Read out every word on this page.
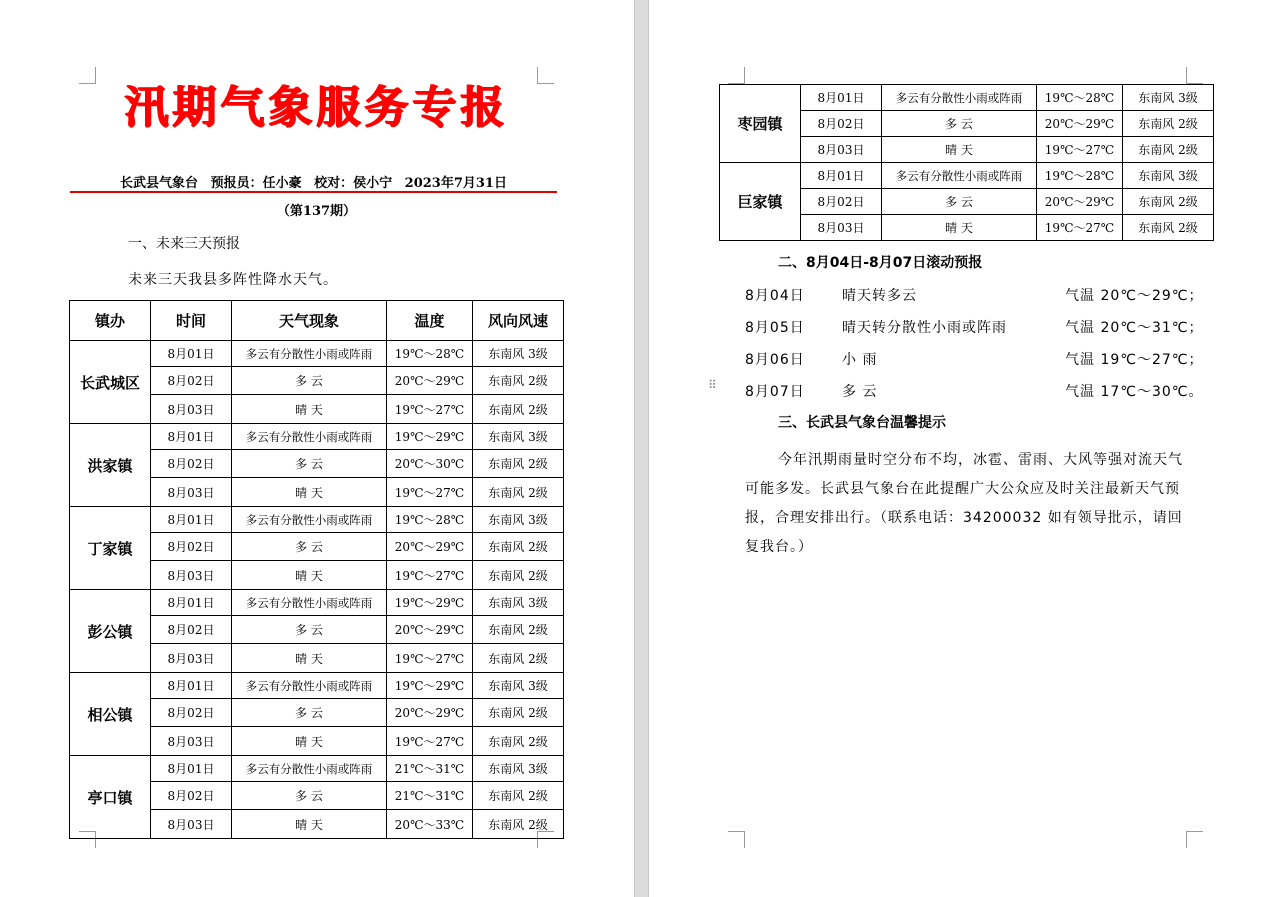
汛期气象服务专报
长武县气象台 预报员：任小豪 校对：侯小宁 2023年7月31日
（第137期）
一、未来三天预报
未来三天我县多阵性降水天气。
镇办	时间	天气现象	温度	风向风速
长武城区	8月01日	多云有分散性小雨或阵雨	19℃～28℃	东南风 3级
	8月02日	多 云	20℃～29℃	东南风 2级
	8月03日	晴 天	19℃～27℃	东南风 2级
洪家镇	8月01日	多云有分散性小雨或阵雨	19℃～29℃	东南风 3级
	8月02日	多 云	20℃～30℃	东南风 2级
	8月03日	晴 天	19℃～27℃	东南风 2级
丁家镇	8月01日	多云有分散性小雨或阵雨	19℃～28℃	东南风 3级
	8月02日	多 云	20℃～29℃	东南风 2级
	8月03日	晴 天	19℃～27℃	东南风 2级
彭公镇	8月01日	多云有分散性小雨或阵雨	19℃～29℃	东南风 3级
	8月02日	多 云	20℃～29℃	东南风 2级
	8月03日	晴 天	19℃～27℃	东南风 2级
相公镇	8月01日	多云有分散性小雨或阵雨	19℃～29℃	东南风 3级
	8月02日	多 云	20℃～29℃	东南风 2级
	8月03日	晴 天	19℃～27℃	东南风 2级
亭口镇	8月01日	多云有分散性小雨或阵雨	21℃～31℃	东南风 3级
	8月02日	多 云	21℃～31℃	东南风 2级
	8月03日	晴 天	20℃～33℃	东南风 2级
枣园镇	8月01日	多云有分散性小雨或阵雨	19℃～28℃	东南风 3级
	8月02日	多 云	20℃～29℃	东南风 2级
	8月03日	晴 天	19℃～27℃	东南风 2级
巨家镇	8月01日	多云有分散性小雨或阵雨	19℃～28℃	东南风 3级
	8月02日	多 云	20℃～29℃	东南风 2级
	8月03日	晴 天	19℃～27℃	东南风 2级
二、8月04日-8月07日滚动预报
8月04日	晴天转多云	气温 20℃～29℃；
8月05日	晴天转分散性小雨或阵雨	气温 20℃～31℃；
8月06日	小 雨	气温 19℃～27℃；
⠿ 8月07日	多 云	气温 17℃～30℃。
三、长武县气象台温馨提示

今年汛期雨量时空分布不均，冰雹、雷雨、大风等强对流天气可能多发。长武县气象台在此提醒广大公众应及时关注最新天气预报，合理安排出行。（联系电话：34200032 如有领导批示，请回复我台。）
